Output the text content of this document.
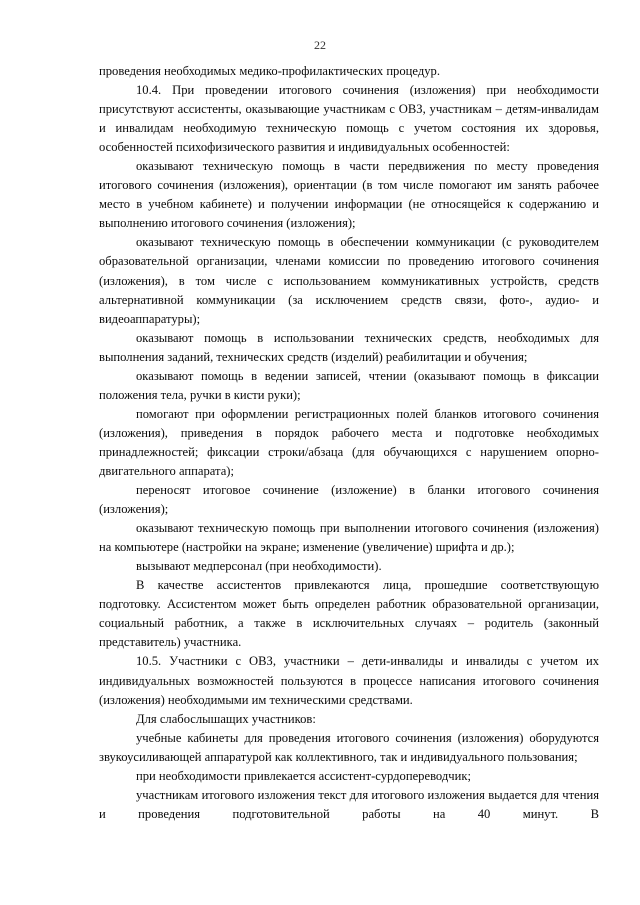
22

проведения необходимых медико-профилактических процедур.

10.4. При проведении итогового сочинения (изложения) при необходимости присутствуют ассистенты, оказывающие участникам с ОВЗ, участникам – детям-инвалидам и инвалидам необходимую техническую помощь с учетом состояния их здоровья, особенностей психофизического развития и индивидуальных особенностей:

оказывают техническую помощь в части передвижения по месту проведения итогового сочинения (изложения), ориентации (в том числе помогают им занять рабочее место в учебном кабинете) и получении информации (не относящейся к содержанию и выполнению итогового сочинения (изложения);

оказывают техническую помощь в обеспечении коммуникации (с руководителем образовательной организации, членами комиссии по проведению итогового сочинения (изложения), в том числе с использованием коммуникативных устройств, средств альтернативной коммуникации (за исключением средств связи, фото-, аудио- и видеоаппаратуры);

оказывают помощь в использовании технических средств, необходимых для выполнения заданий, технических средств (изделий) реабилитации и обучения;

оказывают помощь в ведении записей, чтении (оказывают помощь в фиксации положения тела, ручки в кисти руки);

помогают при оформлении регистрационных полей бланков итогового сочинения (изложения), приведения в порядок рабочего места и подготовке необходимых принадлежностей; фиксации строки/абзаца (для обучающихся с нарушением опорно-двигательного аппарата);

переносят итоговое сочинение (изложение) в бланки итогового сочинения (изложения);

оказывают техническую помощь при выполнении итогового сочинения (изложения) на компьютере (настройки на экране; изменение (увеличение) шрифта и др.);

вызывают медперсонал (при необходимости).

В качестве ассистентов привлекаются лица, прошедшие соответствующую подготовку. Ассистентом может быть определен работник образовательной организации, социальный работник, а также в исключительных случаях – родитель (законный представитель) участника.

10.5. Участники с ОВЗ, участники – дети-инвалиды и инвалиды с учетом их индивидуальных возможностей пользуются в процессе написания итогового сочинения (изложения) необходимыми им техническими средствами.

Для слабослышащих участников:

учебные кабинеты для проведения итогового сочинения (изложения) оборудуются звукоусиливающей аппаратурой как коллективного, так и индивидуального пользования;

при необходимости привлекается ассистент-сурдопереводчик;

участникам итогового изложения текст для итогового изложения выдается для чтения и проведения подготовительной работы на 40 минут. В
